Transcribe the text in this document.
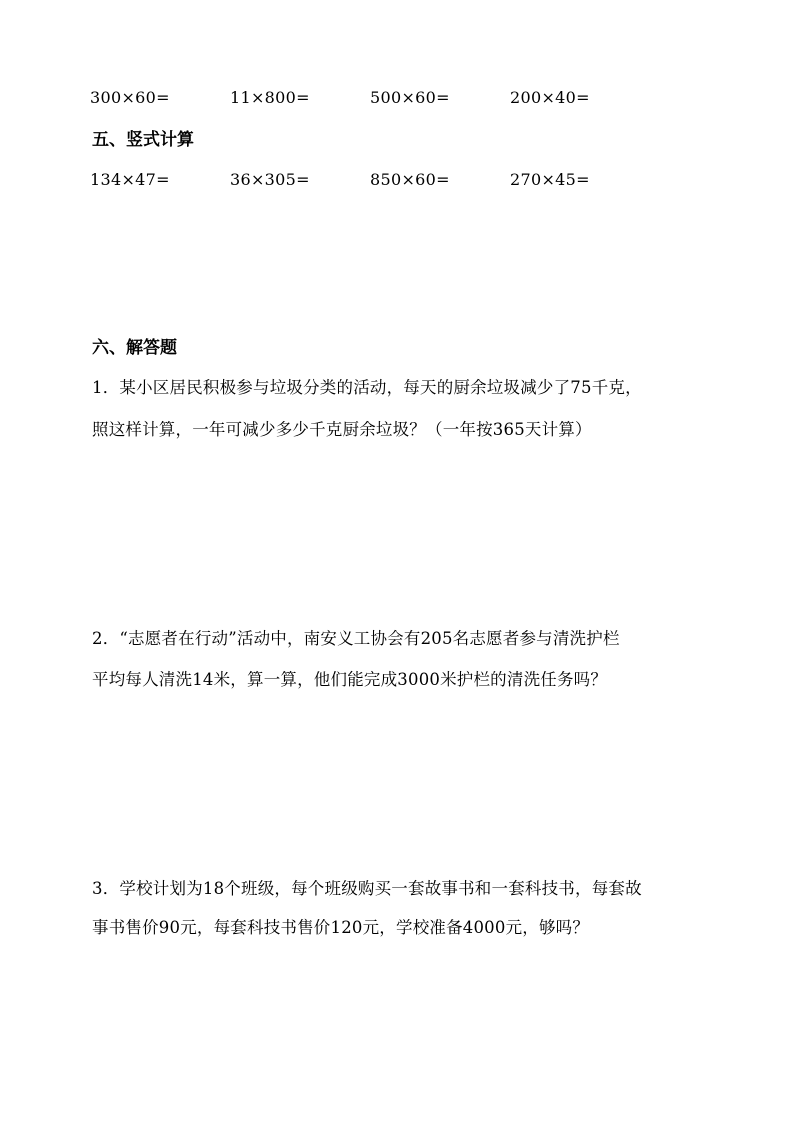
300×60=	11×800=	500×60=	200×40=
五、竖式计算
134×47=	36×305=	850×60=	270×45=
六、解答题
1．某小区居民积极参与垃圾分类的活动，每天的厨余垃圾减少了75千克，
照这样计算，一年可减少多少千克厨余垃圾？（一年按365天计算）
2．“志愿者在行动”活动中，南安义工协会有205名志愿者参与清洗护栏
平均每人清洗14米，算一算，他们能完成3000米护栏的清洗任务吗？
3．学校计划为18个班级，每个班级购买一套故事书和一套科技书，每套故
事书售价90元，每套科技书售价120元，学校准备4000元，够吗？
